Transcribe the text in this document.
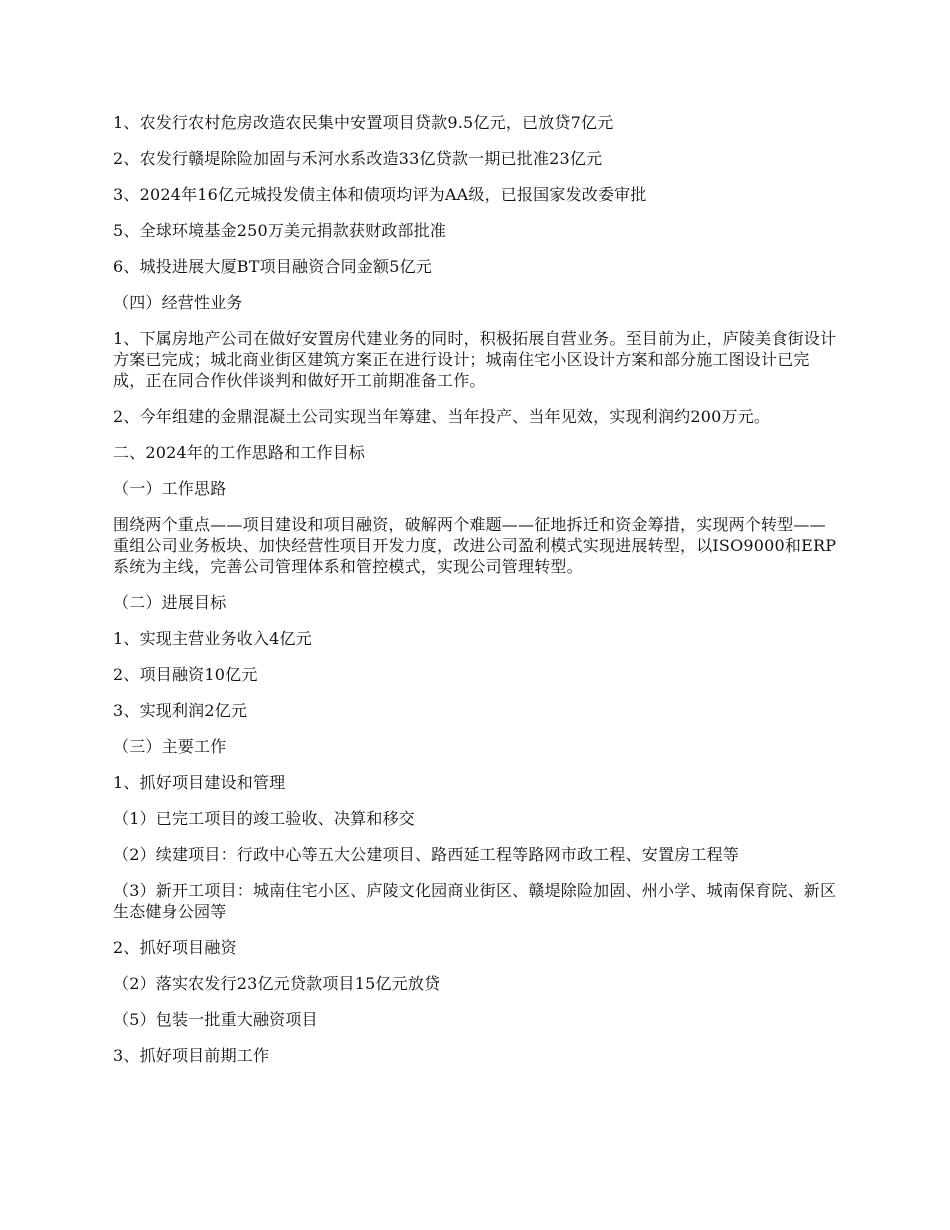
1、农发行农村危房改造农民集中安置项目贷款9.5亿元，已放贷7亿元

2、农发行赣堤除险加固与禾河水系改造33亿贷款一期已批准23亿元

3、2024年16亿元城投发债主体和债项均评为AA级，已报国家发改委审批

5、全球环境基金250万美元捐款获财政部批准

6、城投进展大厦BT项目融资合同金额5亿元

（四）经营性业务

1、下属房地产公司在做好安置房代建业务的同时，积极拓展自营业务。至目前为止，庐陵美食街设计方案已完成；城北商业街区建筑方案正在进行设计；城南住宅小区设计方案和部分施工图设计已完成，正在同合作伙伴谈判和做好开工前期准备工作。

2、今年组建的金鼎混凝土公司实现当年筹建、当年投产、当年见效，实现利润约200万元。

二、2024年的工作思路和工作目标

（一）工作思路

围绕两个重点——项目建设和项目融资，破解两个难题——征地拆迁和资金筹措，实现两个转型——重组公司业务板块、加快经营性项目开发力度，改进公司盈利模式实现进展转型，以ISO9000和ERP系统为主线，完善公司管理体系和管控模式，实现公司管理转型。

（二）进展目标

1、实现主营业务收入4亿元

2、项目融资10亿元

3、实现利润2亿元

（三）主要工作

1、抓好项目建设和管理

（1）已完工项目的竣工验收、决算和移交

（2）续建项目：行政中心等五大公建项目、路西延工程等路网市政工程、安置房工程等

（3）新开工项目：城南住宅小区、庐陵文化园商业街区、赣堤除险加固、州小学、城南保育院、新区生态健身公园等

2、抓好项目融资

（2）落实农发行23亿元贷款项目15亿元放贷

（5）包装一批重大融资项目

3、抓好项目前期工作
